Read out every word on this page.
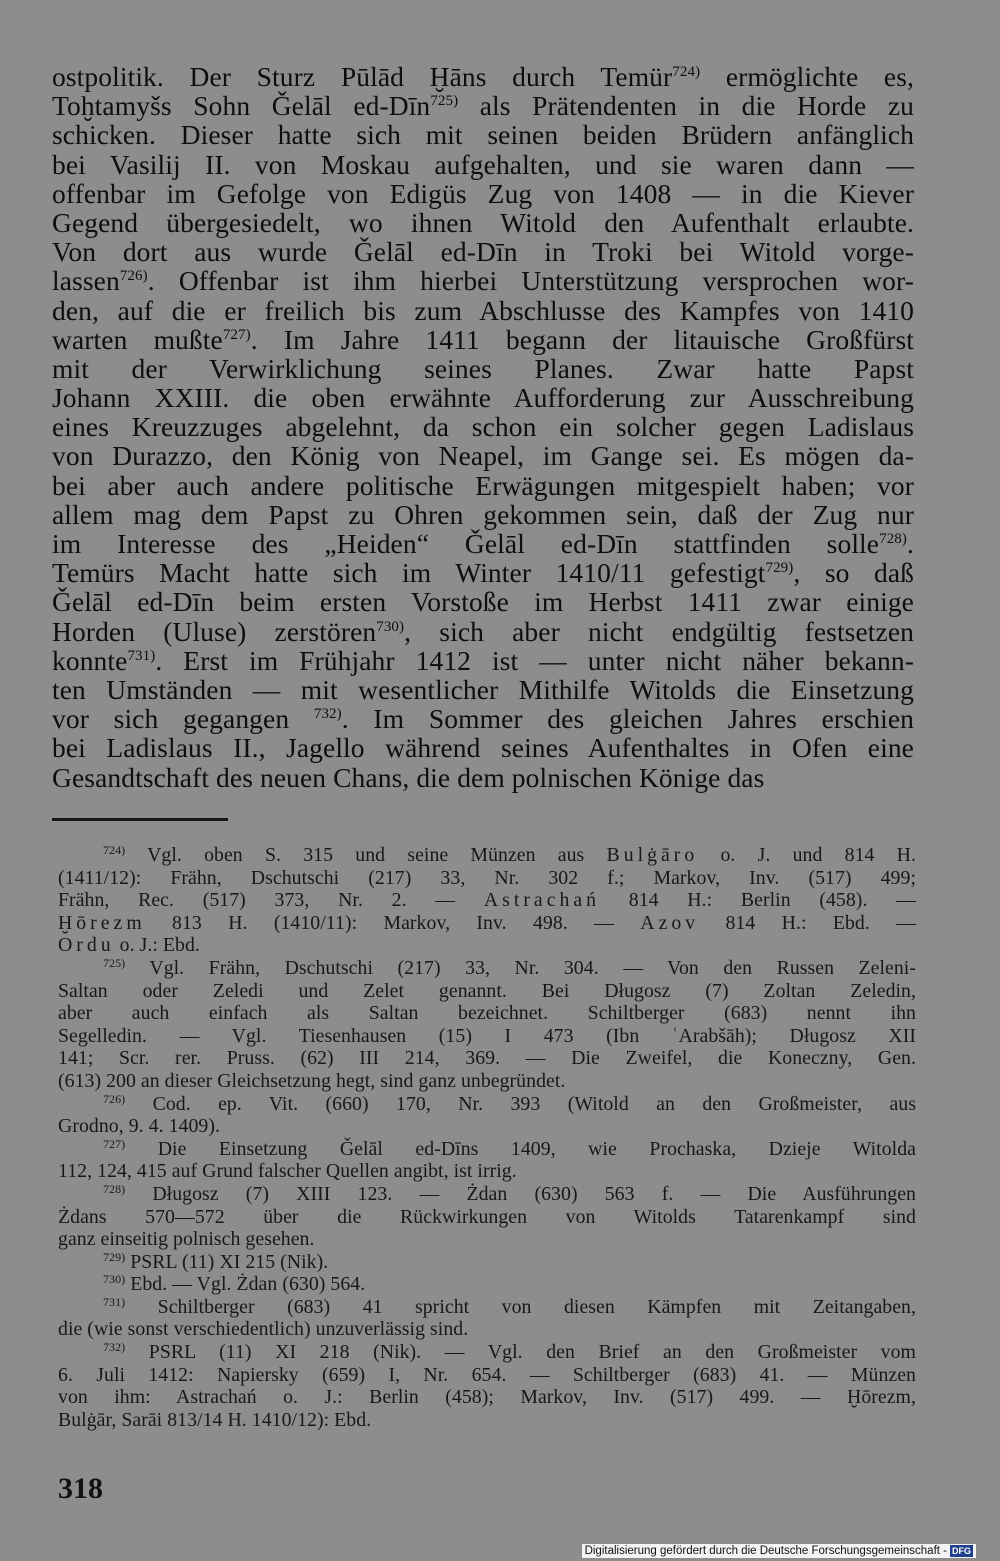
ostpolitik. Der Sturz Pūlād Ḫāns durch Temür$^{724)}$ ermöglichte es,
Toḫtamyšs Sohn Ǧelāl ed-Dīn$^{725)}$ als Prätendenten in die Horde zu
schicken. Dieser hatte sich mit seinen beiden Brüdern anfänglich
bei Vasilij II. von Moskau aufgehalten, und sie waren dann —
offenbar im Gefolge von Edigüs Zug von 1408 — in die Kiever
Gegend übergesiedelt, wo ihnen Witold den Aufenthalt erlaubte.
Von dort aus wurde Ǧelāl ed-Dīn in Troki bei Witold vorge-
lassen$^{726)}$. Offenbar ist ihm hierbei Unterstützung versprochen wor-
den, auf die er freilich bis zum Abschlusse des Kampfes von 1410
warten mußte$^{727)}$. Im Jahre 1411 begann der litauische Großfürst
mit der Verwirklichung seines Planes. Zwar hatte Papst
Johann XXIII. die oben erwähnte Aufforderung zur Ausschreibung
eines Kreuzzuges abgelehnt, da schon ein solcher gegen Ladislaus
von Durazzo, den König von Neapel, im Gange sei. Es mögen da-
bei aber auch andere politische Erwägungen mitgespielt haben; vor
allem mag dem Papst zu Ohren gekommen sein, daß der Zug nur
im Interesse des „Heiden“ Ǧelāl ed-Dīn stattfinden solle$^{728)}$.
Temürs Macht hatte sich im Winter 1410/11 gefestigt$^{729)}$, so daß
Ǧelāl ed-Dīn beim ersten Vorstoße im Herbst 1411 zwar einige
Horden (Uluse) zerstören$^{730)}$, sich aber nicht endgültig festsetzen
konnte$^{731)}$. Erst im Frühjahr 1412 ist — unter nicht näher bekann-
ten Umständen — mit wesentlicher Mithilfe Witolds die Einsetzung
vor sich gegangen $^{732)}$. Im Sommer des gleichen Jahres erschien
bei Ladislaus II., Jagello während seines Aufenthaltes in Ofen eine
Gesandtschaft des neuen Chans, die dem polnischen Könige das
$^{724)}$ Vgl. oben S. 315 und seine Münzen aus Bulġāro o. J. und 814 H.
(1411/12): Frähn, Dschutschi (217) 33, Nr. 302 f.; Markov, Inv. (517) 499;
Frähn, Rec. (517) 373, Nr. 2. — Astrachań 814 H.: Berlin (458). —
Ḫōrezm 813 H. (1410/11): Markov, Inv. 498. — Azov 814 H.: Ebd. —
Ordu o. J.: Ebd.
$^{725)}$ Vgl. Frähn, Dschutschi (217) 33, Nr. 304. — Von den Russen Zeleni-
Saltan oder Zeledi und Zelet genannt. Bei Długosz (7) Zoltan Zeledin,
aber auch einfach als Saltan bezeichnet. Schiltberger (683) nennt ihn
Segelledin. — Vgl. Tiesenhausen (15) I 473 (Ibn ʿArabšāh); Długosz XII
141; Scr. rer. Pruss. (62) III 214, 369. — Die Zweifel, die Koneczny, Gen.
(613) 200 an dieser Gleichsetzung hegt, sind ganz unbegründet.
$^{726)}$ Cod. ep. Vit. (660) 170, Nr. 393 (Witold an den Großmeister, aus
Grodno, 9. 4. 1409).
$^{727)}$ Die Einsetzung Ǧelāl ed-Dīns 1409, wie Prochaska, Dzieje Witolda
112, 124, 415 auf Grund falscher Quellen angibt, ist irrig.
$^{728)}$ Długosz (7) XIII 123. — Żdan (630) 563 f. — Die Ausführungen
Żdans 570—572 über die Rückwirkungen von Witolds Tatarenkampf sind
ganz einseitig polnisch gesehen.
$^{729)}$ PSRL (11) XI 215 (Nik).
$^{730)}$ Ebd. — Vgl. Żdan (630) 564.
$^{731)}$ Schiltberger (683) 41 spricht von diesen Kämpfen mit Zeitangaben,
die (wie sonst verschiedentlich) unzuverlässig sind.
$^{732)}$ PSRL (11) XI 218 (Nik). — Vgl. den Brief an den Großmeister vom
6. Juli 1412: Napiersky (659) I, Nr. 654. — Schiltberger (683) 41. — Münzen
von ihm: Astrachań o. J.: Berlin (458); Markov, Inv. (517) 499. — Ḫōrezm,
Bulġār, Sarāi 813/14 H. 1410/12): Ebd.
318
Digitalisierung gefördert durch die Deutsche Forschungsgemeinschaft - DFG
